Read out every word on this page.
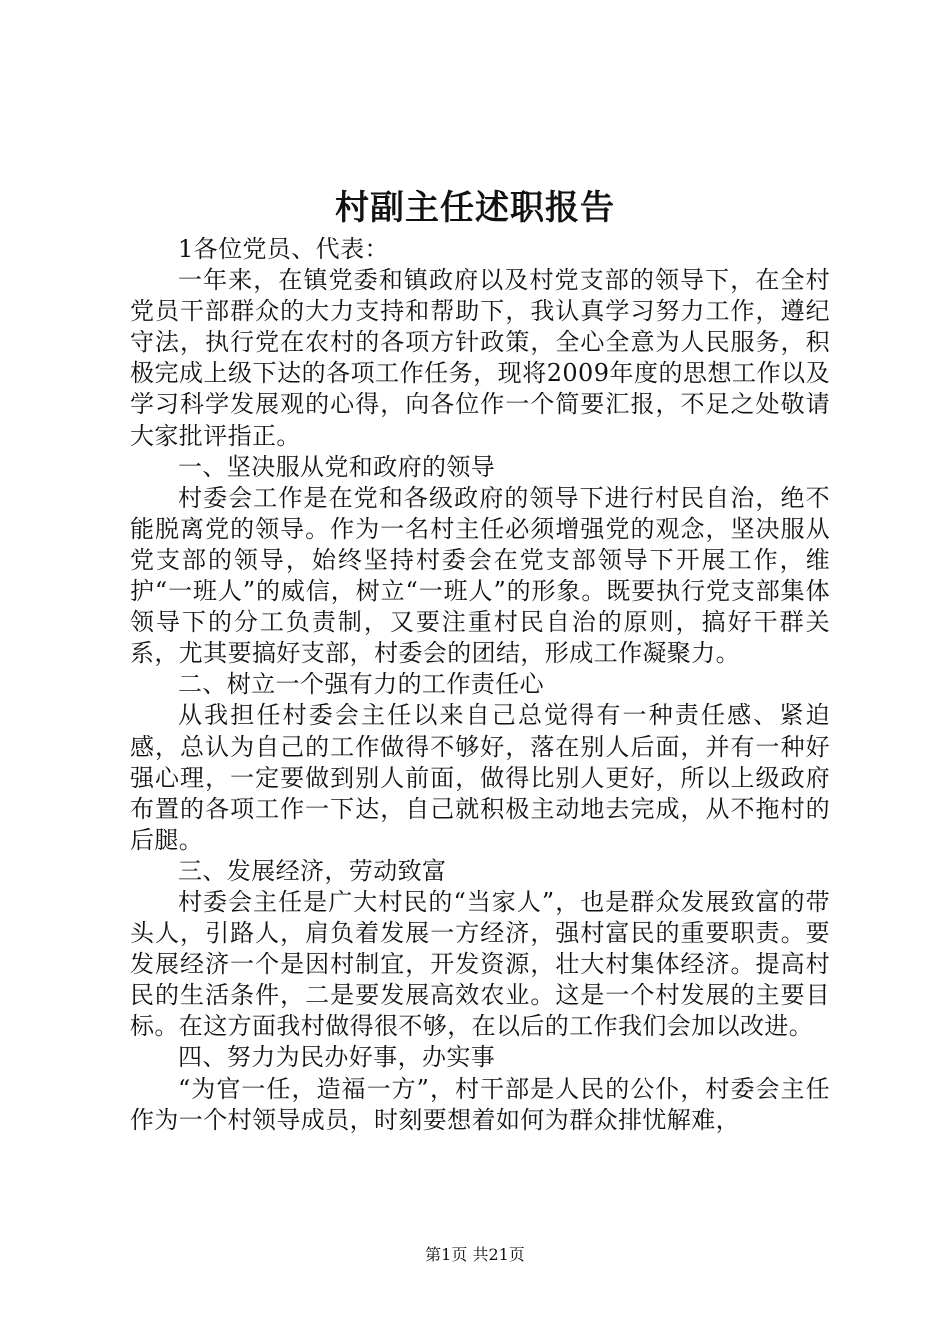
村副主任述职报告

1各位党员、代表：

一年来，在镇党委和镇政府以及村党支部的领导下，在全村党员干部群众的大力支持和帮助下，我认真学习努力工作，遵纪守法，执行党在农村的各项方针政策，全心全意为人民服务，积极完成上级下达的各项工作任务，现将2009年度的思想工作以及学习科学发展观的心得，向各位作一个简要汇报，不足之处敬请大家批评指正。

一、坚决服从党和政府的领导

村委会工作是在党和各级政府的领导下进行村民自治，绝不能脱离党的领导。作为一名村主任必须增强党的观念，坚决服从党支部的领导，始终坚持村委会在党支部领导下开展工作，维护“一班人”的威信，树立“一班人”的形象。既要执行党支部集体领导下的分工负责制，又要注重村民自治的原则，搞好干群关系，尤其要搞好支部，村委会的团结，形成工作凝聚力。

二、树立一个强有力的工作责任心

从我担任村委会主任以来自己总觉得有一种责任感、紧迫感，总认为自己的工作做得不够好，落在别人后面，并有一种好强心理，一定要做到别人前面，做得比别人更好，所以上级政府布置的各项工作一下达，自己就积极主动地去完成，从不拖村的后腿。

三、发展经济，劳动致富

村委会主任是广大村民的“当家人”，也是群众发展致富的带头人，引路人，肩负着发展一方经济，强村富民的重要职责。要发展经济一个是因村制宜，开发资源，壮大村集体经济。提高村民的生活条件，二是要发展高效农业。这是一个村发展的主要目标。在这方面我村做得很不够，在以后的工作我们会加以改进。

四、努力为民办好事，办实事

“为官一任，造福一方”，村干部是人民的公仆，村委会主任作为一个村领导成员，时刻要想着如何为群众排忧解难，

第1页 共21页
